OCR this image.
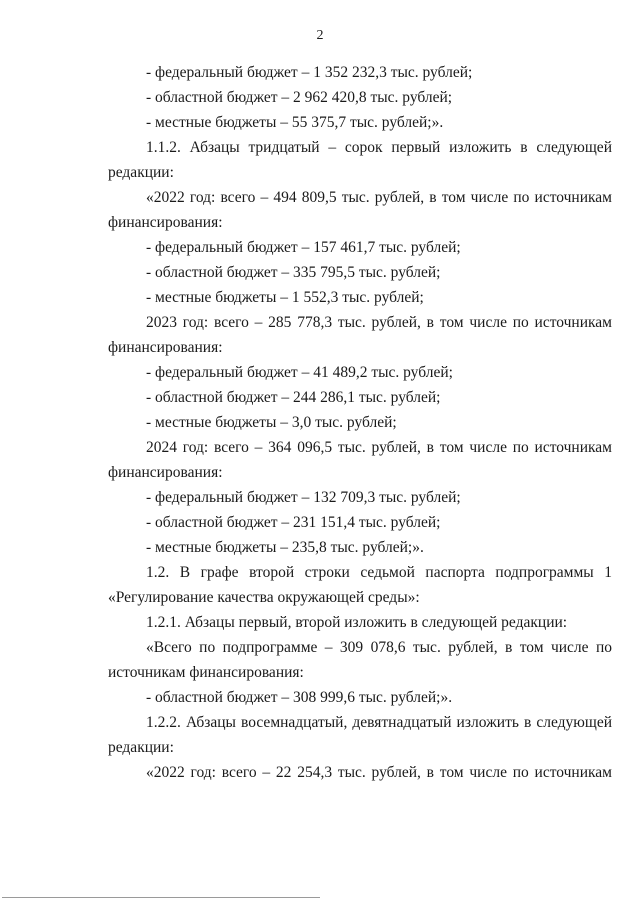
2
- федеральный бюджет – 1 352 232,3 тыс. рублей;
- областной бюджет – 2 962 420,8 тыс. рублей;
- местные бюджеты – 55 375,7 тыс. рублей;».
1.1.2. Абзацы тридцатый – сорок первый изложить в следующей
редакции:
«2022 год: всего – 494 809,5 тыс. рублей, в том числе по источникам
финансирования:
- федеральный бюджет – 157 461,7 тыс. рублей;
- областной бюджет – 335 795,5 тыс. рублей;
- местные бюджеты – 1 552,3 тыс. рублей;
2023 год: всего – 285 778,3 тыс. рублей, в том числе по источникам
финансирования:
- федеральный бюджет – 41 489,2 тыс. рублей;
- областной бюджет – 244 286,1 тыс. рублей;
- местные бюджеты – 3,0 тыс. рублей;
2024 год: всего – 364 096,5 тыс. рублей, в том числе по источникам
финансирования:
- федеральный бюджет – 132 709,3 тыс. рублей;
- областной бюджет – 231 151,4 тыс. рублей;
- местные бюджеты – 235,8 тыс. рублей;».
1.2. В графе второй строки седьмой паспорта подпрограммы 1
«Регулирование качества окружающей среды»:
1.2.1. Абзацы первый, второй изложить в следующей редакции:
«Всего по подпрограмме – 309 078,6 тыс. рублей, в том числе по
источникам финансирования:
- областной бюджет – 308 999,6 тыс. рублей;».
1.2.2. Абзацы восемнадцатый, девятнадцатый изложить в следующей
редакции:
«2022 год: всего – 22 254,3 тыс. рублей, в том числе по источникам
